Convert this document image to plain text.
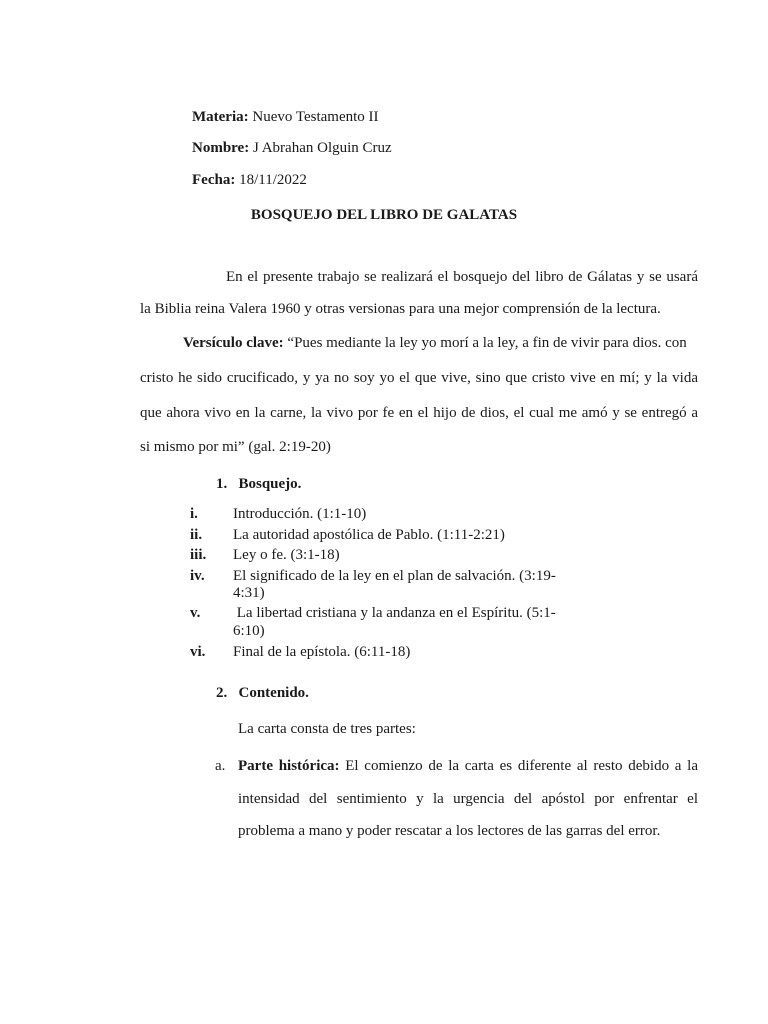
Materia: Nuevo Testamento II
Nombre: J Abrahan Olguin Cruz
Fecha: 18/11/2022
BOSQUEJO DEL LIBRO DE GALATAS
En el presente trabajo se realizará el bosquejo del libro de Gálatas y se usará
la Biblia reina Valera 1960 y otras versionas para una mejor comprensión de la lectura.
Versículo clave: “Pues mediante la ley yo morí a la ley, a fin de vivir para dios. con
cristo he sido crucificado, y ya no soy yo el que vive, sino que cristo vive en mí; y la vida
que ahora vivo en la carne, la vivo por fe en el hijo de dios, el cual me amó y se entregó a
si mismo por mi” (gal. 2:19-20)
1.   Bosquejo.
i. Introducción. (1:1-10)
ii. La autoridad apostólica de Pablo. (1:11-2:21)
iii. Ley o fe. (3:1-18)
iv. El significado de la ley en el plan de salvación. (3:19-
4:31)
v. La libertad cristiana y la andanza en el Espíritu. (5:1-
6:10)
vi. Final de la epístola. (6:11-18)
2.   Contenido.
La carta consta de tres partes:
a. Parte histórica: El comienzo de la carta es diferente al resto debido a la
intensidad del sentimiento y la urgencia del apóstol por enfrentar el
problema a mano y poder rescatar a los lectores de las garras del error.
